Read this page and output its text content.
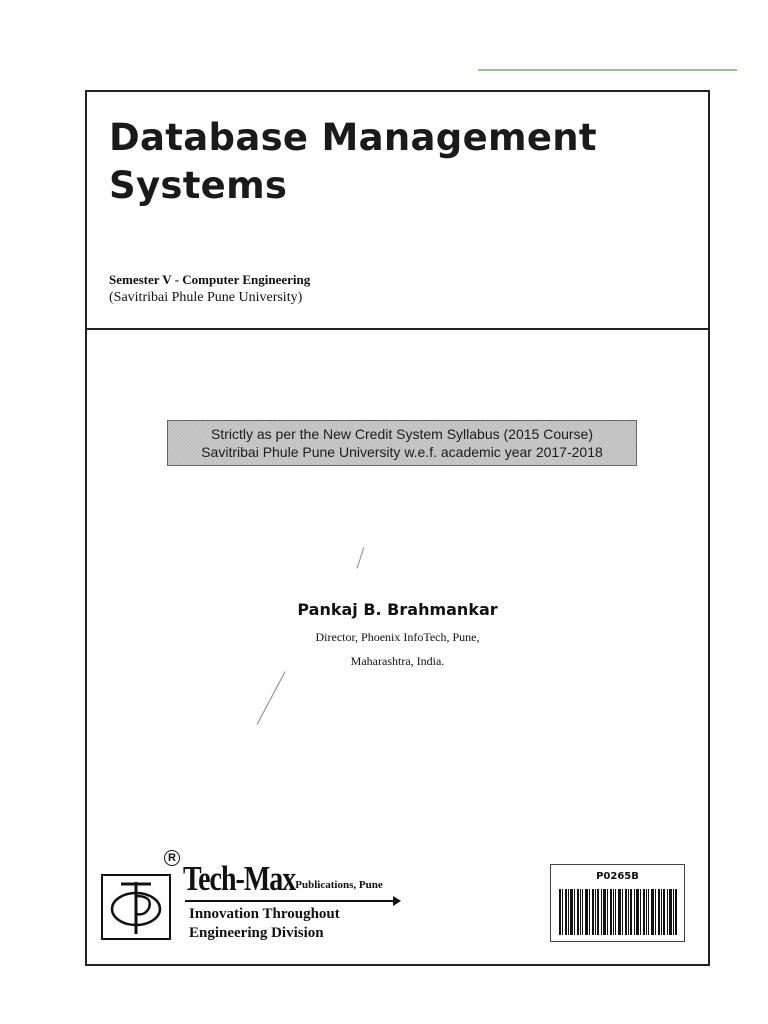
Database Management
Systems
Semester V - Computer Engineering
(Savitribai Phule Pune University)
Strictly as per the New Credit System Syllabus (2015 Course)
Savitribai Phule Pune University w.e.f. academic year 2017-2018
Pankaj B. Brahmankar
Director, Phoenix InfoTech, Pune,
Maharashtra, India.
R
Tech-MaxPublications, Pune
Innovation Throughout
Engineering Division
P0265B
